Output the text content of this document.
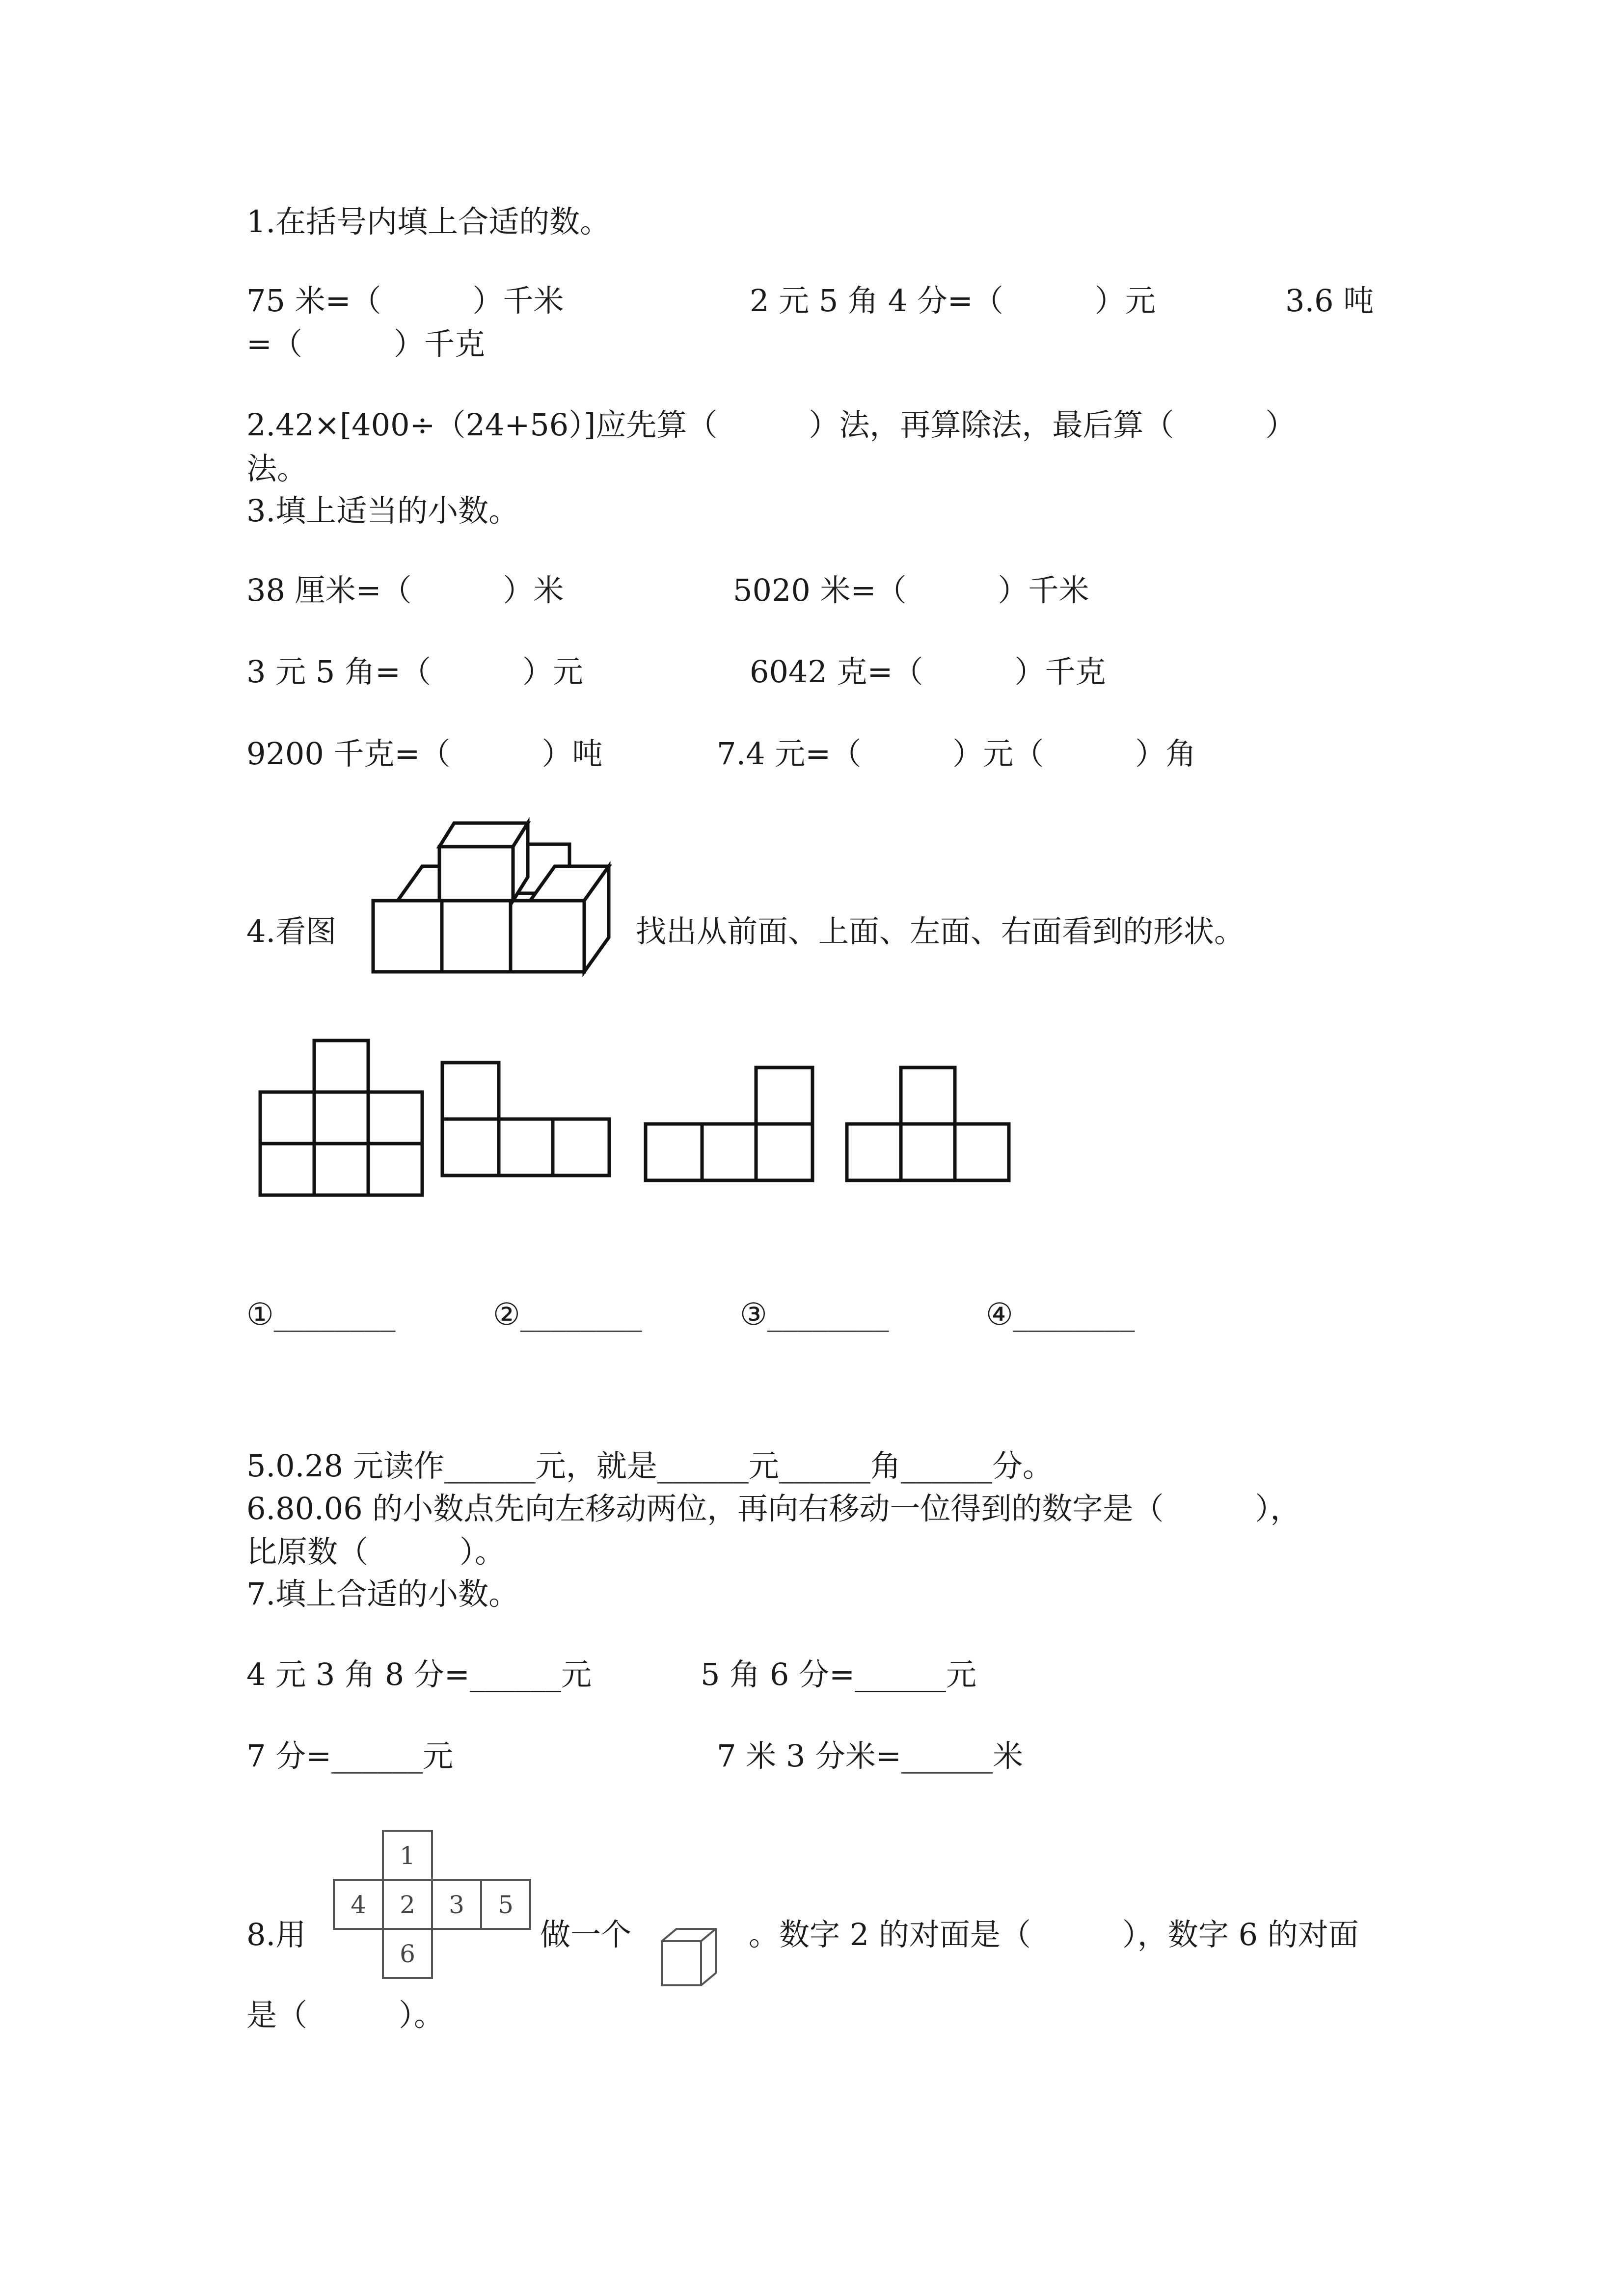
1.在括号内填上合适的数。
75 米=（　　　）千米	2 元 5 角 4 分=（　　　）元	3.6 吨
=（　　　）千克
2.42×[400÷（24+56）]应先算（　　　）法，再算除法，最后算（　　　）
法。
3.填上适当的小数。
38 厘米=（　　　）米	5020 米=（　　　）千米
3 元 5 角=（　　　）元	6042 克=（　　　）千克
9200 千克=（　　　）吨	7.4 元=（　　　）元（　　　）角
4.看图	找出从前面、上面、左面、右面看到的形状。
①________	②________	③________	④________
5.0.28 元读作______元，就是______元______角______分。
6.80.06 的小数点先向左移动两位，再向右移动一位得到的数字是（　　　），
比原数（　　　）。
7.填上合适的小数。
4 元 3 角 8 分=______元	5 角 6 分=______元
7 分=______元	7 米 3 分米=______米
8.用
1
4 2 3 5
6
做一个	。数字 2 的对面是（　　　），数字 6 的对面
是（　　　）。
